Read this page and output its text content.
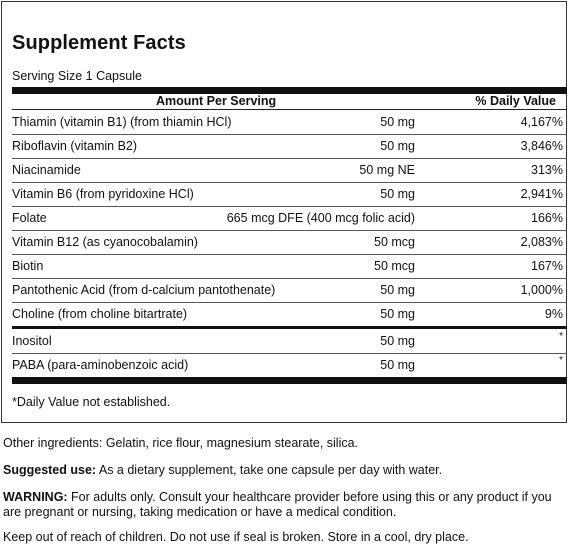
Supplement Facts
Serving Size 1 Capsule
Amount Per Serving	% Daily Value
Thiamin (vitamin B1) (from thiamin HCl)	50 mg	4,167%
Riboflavin (vitamin B2)	50 mg	3,846%
Niacinamide	50 mg NE	313%
Vitamin B6 (from pyridoxine HCl)	50 mg	2,941%
Folate	665 mcg DFE (400 mcg folic acid)	166%
Vitamin B12 (as cyanocobalamin)	50 mcg	2,083%
Biotin	50 mcg	167%
Pantothenic Acid (from d-calcium pantothenate)	50 mg	1,000%
Choline (from choline bitartrate)	50 mg	9%
Inositol	50 mg	*
PABA (para-aminobenzoic acid)	50 mg	*
*Daily Value not established.
Other ingredients: Gelatin, rice flour, magnesium stearate, silica.
Suggested use: As a dietary supplement, take one capsule per day with water.
WARNING: For adults only. Consult your healthcare provider before using this or any product if you
are pregnant or nursing, taking medication or have a medical condition.
Keep out of reach of children. Do not use if seal is broken. Store in a cool, dry place.
